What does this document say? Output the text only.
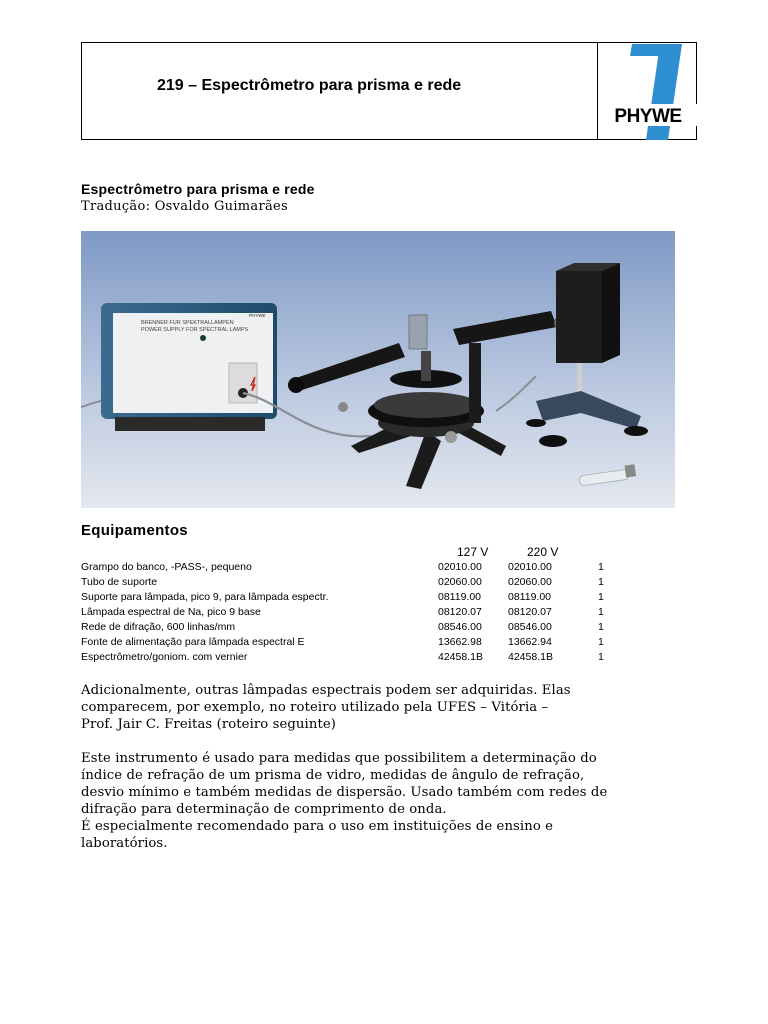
219 – Espectrômetro para prisma e rede
PHYWE
Espectrômetro para prisma e rede
Tradução: Osvaldo Guimarães
BRENNER FUR SPEKTRALLAMPEN
POWER SUPPLY FOR SPECTRAL LAMPS
PHYWE
Equipamentos
127 V	220 V
Grampo do banco, -PASS-, pequeno	02010.00 02010.00	1
Tubo de suporte	02060.00 02060.00	1
Suporte para lâmpada, pico 9, para lâmpada espectr.	08119.00	08119.00	1
Lâmpada espectral de Na, pico 9 base	08120.07 08120.07	1
Rede de difração, 600 linhas/mm	08546.00 08546.00	1
Fonte de alimentação para lâmpada espectral E	13662.98 13662.94	1
Espectrômetro/goniom. com vernier	42458.1B 42458.1B	1

Adicionalmente, outras lâmpadas espectrais podem ser adquiridas. Elas

comparecem, por exemplo, no roteiro utilizado pela UFES – Vitória –

Prof. Jair C. Freitas (roteiro seguinte)

Este instrumento é usado para medidas que possibilitem a determinação do

índice de refração de um prisma de vidro, medidas de ângulo de refração,

desvio mínimo e também medidas de dispersão. Usado também com redes de

difração para determinação de comprimento de onda.

É especialmente recomendado para o uso em instituições de ensino e

laboratórios.
